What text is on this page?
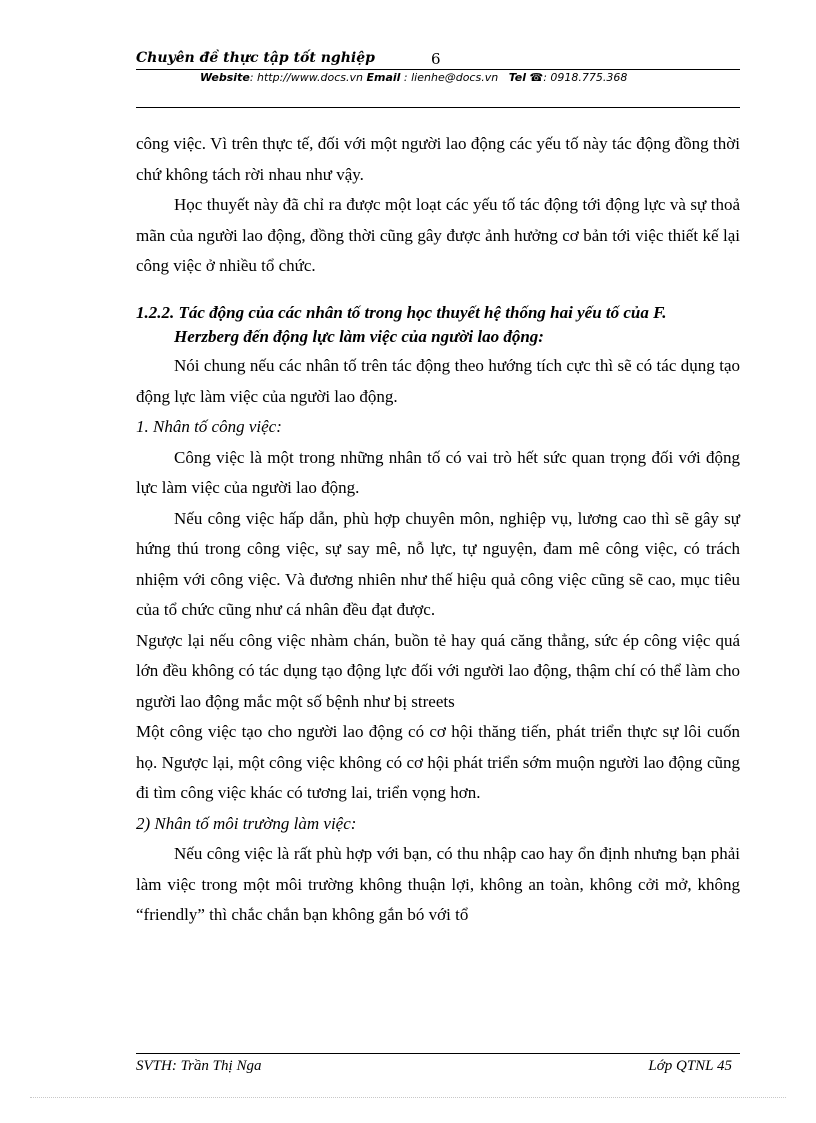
Chuyên đề thực tập tốt nghiệp	6
Website: http://www.docs.vn Email : lienhe@docs.vn Tel ☎: 0918.775.368

công việc. Vì trên thực tế, đối với một người lao động các yếu tố này tác động đồng thời chứ không tách rời nhau như vậy.

Học thuyết này đã chỉ ra được một loạt các yếu tố tác động tới động lực và sự thoả mãn của người lao động, đồng thời cũng gây được ảnh hưởng cơ bản tới việc thiết kế lại công việc ở nhiều tổ chức.

1.2.2. Tác động của các nhân tố trong học thuyết hệ thống hai yếu tố của F.
Herzberg đến động lực làm việc của người lao động:

Nói chung nếu các nhân tố trên tác động theo hướng tích cực thì sẽ có tác dụng tạo động lực làm việc của người lao động.

1. Nhân tố công việc:

Công việc là một trong những nhân tố có vai trò hết sức quan trọng đối với động lực làm việc của người lao động.

Nếu công việc hấp dẫn, phù hợp chuyên môn, nghiệp vụ, lương cao thì sẽ gây sự hứng thú trong công việc, sự say mê, nỗ lực, tự nguyện, đam mê công việc, có trách nhiệm với công việc. Và đương nhiên như thế hiệu quả công việc cũng sẽ cao, mục tiêu của tổ chức cũng như cá nhân đều đạt được.

Ngược lại nếu công việc nhàm chán, buồn tẻ hay quá căng thẳng, sức ép công việc quá lớn đều không có tác dụng tạo động lực đối với người lao động, thậm chí có thể làm cho người lao động mắc một số bệnh như bị streets

Một công việc tạo cho người lao động có cơ hội thăng tiến, phát triển thực sự lôi cuốn họ. Ngược lại, một công việc không có cơ hội phát triển sớm muộn người lao động cũng đi tìm công việc khác có tương lai, triển vọng hơn.

2) Nhân tố môi trường làm việc:

Nếu công việc là rất phù hợp với bạn, có thu nhập cao hay ổn định nhưng bạn phải làm việc trong một môi trường không thuận lợi, không an toàn, không cởi mở, không “friendly” thì chắc chắn bạn không gắn bó với tổ

SVTH: Trần Thị Nga	Lớp QTNL 45
